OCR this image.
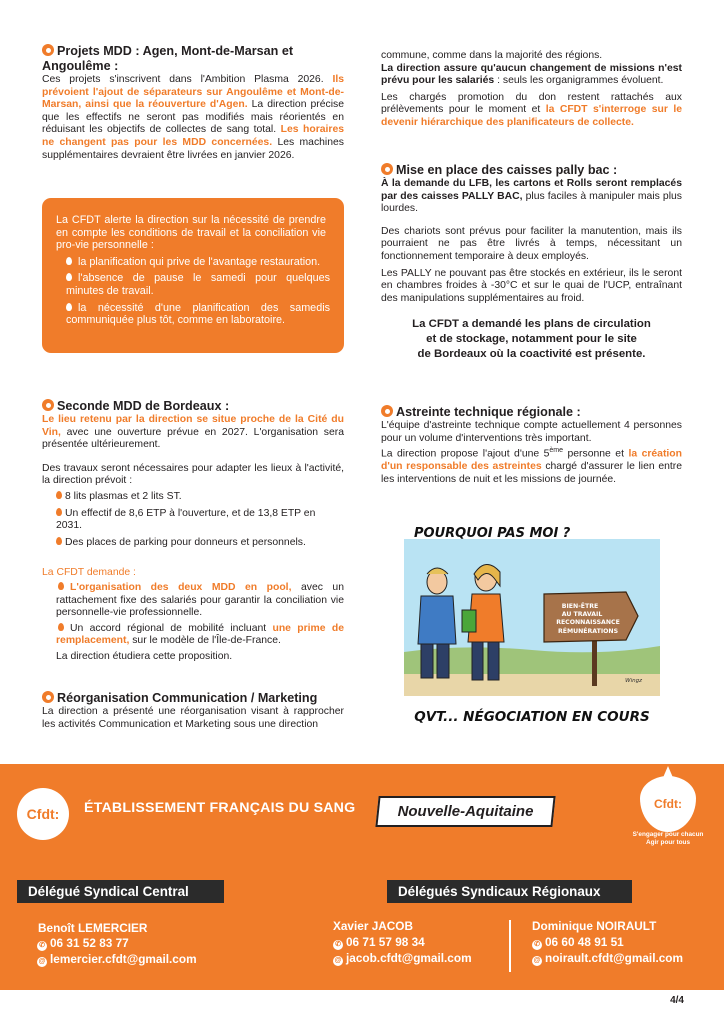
Projets MDD : Agen, Mont-de-Marsan et
Angoulême :

Ces projets s'inscrivent dans l'Ambition Plasma 2026. Ils prévoient l'ajout de séparateurs sur Angoulême et Mont-de-Marsan, ainsi que la réouverture d'Agen. La direction précise que les effectifs ne seront pas modifiés mais réorientés en réduisant les objectifs de collectes de sang total. Les horaires ne changent pas pour les MDD concernées. Les machines supplémentaires devraient être livrées en janvier 2026.

La CFDT alerte la direction sur la nécessité de prendre en compte les conditions de travail et la conciliation vie pro-vie personnelle :

la planification qui prive de l'avantage restauration.
l'absence de pause le samedi pour quelques minutes de travail.
la nécessité d'une planification des samedis communiquée plus tôt, comme en laboratoire.
Seconde MDD de Bordeaux :

Le lieu retenu par la direction se situe proche de la Cité du Vin, avec une ouverture prévue en 2027. L'organisation sera présentée ultérieurement.

Des travaux seront nécessaires pour adapter les lieux à l'activité, la direction prévoit :

8 lits plasmas et 2 lits ST.
Un effectif de 8,6 ETP à l'ouverture, et de 13,8 ETP en 2031.
Des places de parking pour donneurs et personnels.
La CFDT demande :

L'organisation des deux MDD en pool, avec un rattachement fixe des salariés pour garantir la conciliation vie personnelle-vie professionnelle.

Un accord régional de mobilité incluant une prime de remplacement, sur le modèle de l'Île-de-France.

La direction étudiera cette proposition.

Réorganisation Communication / Marketing

La direction a présenté une réorganisation visant à rapprocher les activités Communication et Marketing sous une direction

commune, comme dans la majorité des régions.

La direction assure qu'aucun changement de missions n'est prévu pour les salariés : seuls les organigrammes évoluent.

Les chargés promotion du don restent rattachés aux prélèvements pour le moment et la CFDT s'interroge sur le devenir hiérarchique des planificateurs de collecte.

Mise en place des caisses pally bac :

À la demande du LFB, les cartons et Rolls seront remplacés par des caisses PALLY BAC, plus faciles à manipuler mais plus lourdes.

Des chariots sont prévus pour faciliter la manutention, mais ils pourraient ne pas être livrés à temps, nécessitant un fonctionnement temporaire à deux employés.

Les PALLY ne pouvant pas être stockés en extérieur, ils le seront en chambres froides à -30°C et sur le quai de l'UCP, entraînant des manipulations supplémentaires au froid.

La CFDT a demandé les plans de circulation
et de stockage, notamment pour le site
de Bordeaux où la coactivité est présente.
Astreinte technique régionale :

L'équipe d'astreinte technique compte actuellement 4 personnes pour un volume d'interventions très important.

La direction propose l'ajout d'une 5ème personne et la création d'un responsable des astreintes chargé d'assurer le lien entre les interventions de nuit et les missions de journée.

BIEN-ÊTRE
AU TRAVAIL
RECONNAISSANCE
RÉMUNÉRATIONS
Wingz
POURQUOI PAS MOI ?
QVT... NÉGOCIATION EN COURS
Cfdt:	ÉTABLISSEMENT FRANÇAIS DU SANG	Nouvelle-Aquitaine	Cfdt:
S'engager pour chacun
Agir pour tous
Délégué Syndical Central	Délégués Syndicaux Régionaux
Benoît LEMERCIER
✆ 06 31 52 83 77
@ lemercier.cfdt@gmail.com
Xavier JACOB
✆ 06 71 57 98 34
@ jacob.cfdt@gmail.com
Dominique NOIRAULT
✆ 06 60 48 91 51
@ noirault.cfdt@gmail.com
4/4
